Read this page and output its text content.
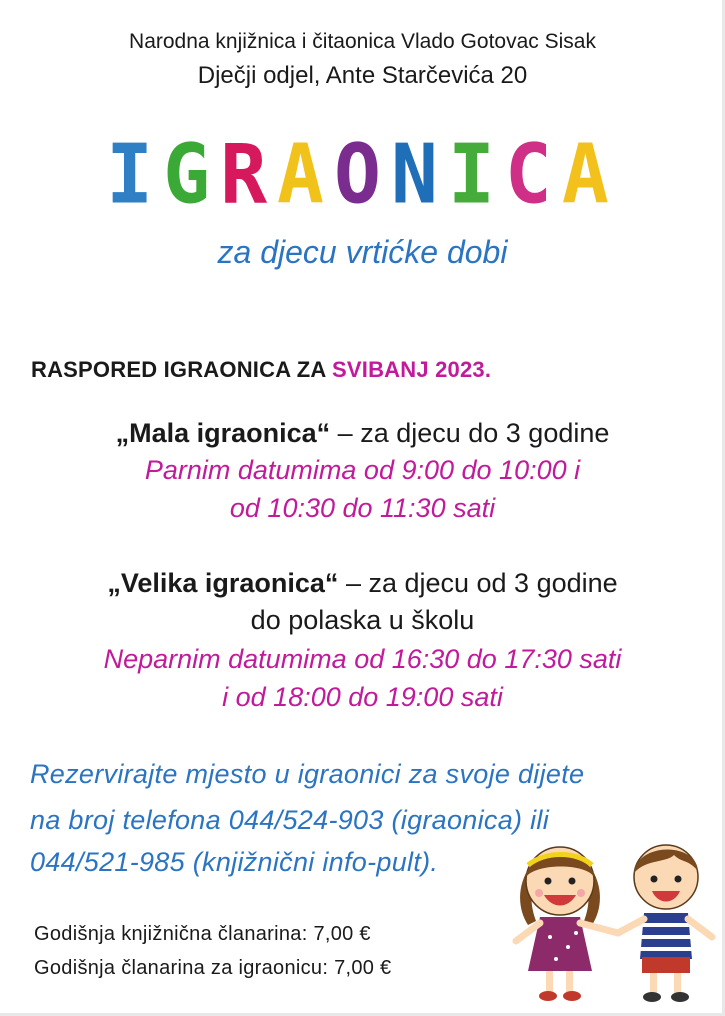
Narodna knjižnica i čitaonica Vlado Gotovac Sisak
Dječji odjel, Ante Starčevića 20
IGRAONICA
za djecu vrtićke dobi
RASPORED IGRAONICA ZA SVIBANJ 2023.
„Mala igraonica“ – za djecu do 3 godine
Parnim datumima od 9:00 do 10:00 i
od 10:30 do 11:30 sati
„Velika igraonica“ – za djecu od 3 godine
do polaska u školu
Neparnim datumima od 16:30 do 17:30 sati
i od 18:00 do 19:00 sati
Rezervirajte mjesto u igraonici za svoje dijete
na broj telefona 044/524-903 (igraonica) ili
044/521-985 (knjižnični info-pult).
Godišnja knjižnična članarina: 7,00 €
Godišnja članarina za igraonicu: 7,00 €
